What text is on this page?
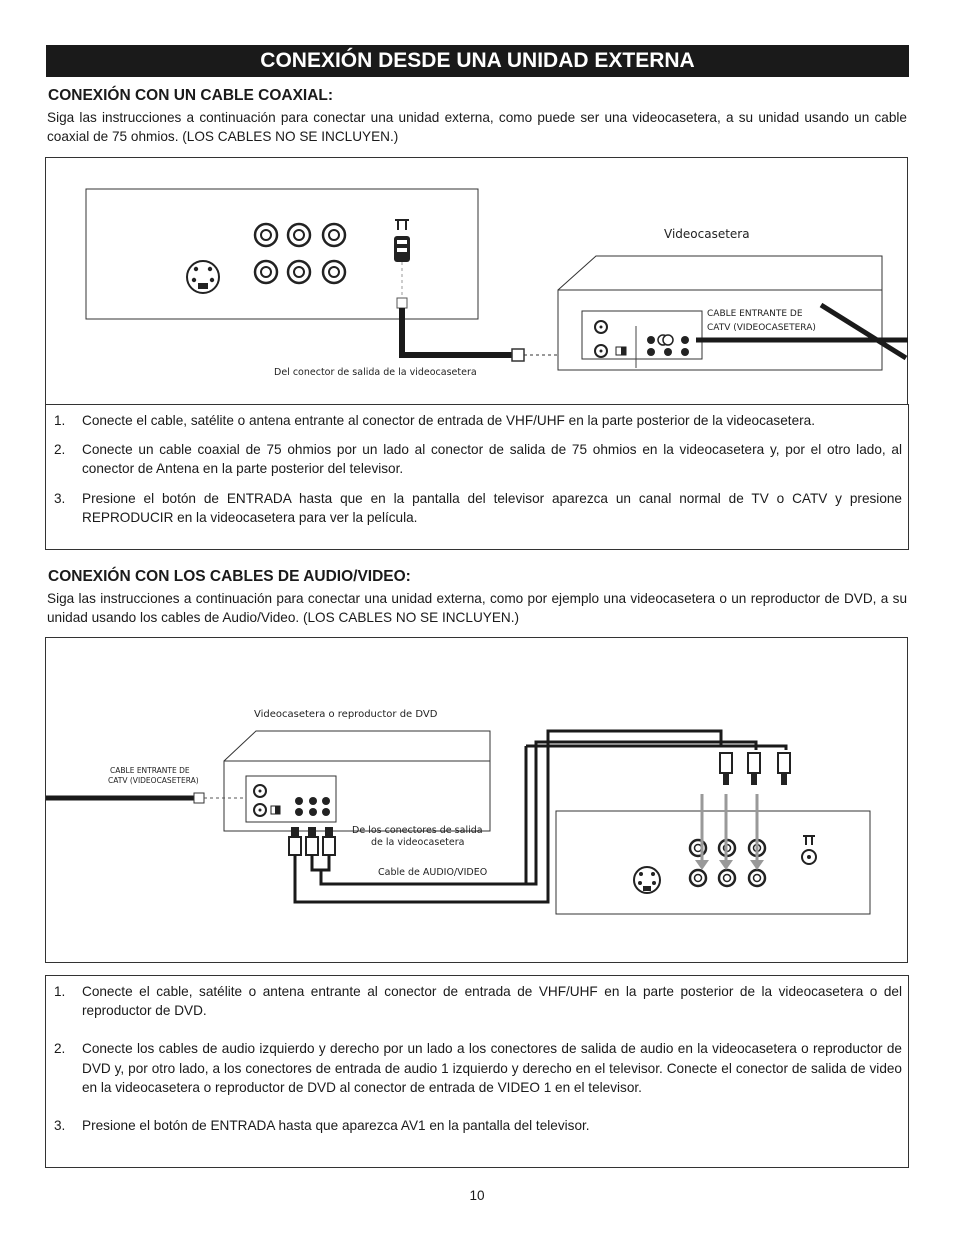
CONEXIÓN DESDE UNA UNIDAD EXTERNA
CONEXIÓN CON UN CABLE COAXIAL:
Siga las instrucciones a continuación para conectar una unidad externa, como puede ser una videocasetera, a su unidad usando un cable coaxial de 75 ohmios. (LOS CABLES NO SE INCLUYEN.)
Del conector de salida de la videocasetera
Videocasetera
CABLE ENTRANTE DE
CATV (VIDEOCASETERA)
1.	Conecte el cable, satélite o antena entrante al conector de entrada de VHF/UHF en la parte posterior de la videocasetera.
2.	Conecte un cable coaxial de 75 ohmios por un lado al conector de salida de 75 ohmios en la videocasetera y, por el otro lado, al conector de Antena en la parte posterior del televisor.
3.	Presione el botón de ENTRADA hasta que en la pantalla del televisor aparezca un canal normal de TV o CATV y presione REPRODUCIR en la videocasetera para ver la película.
CONEXIÓN CON LOS CABLES DE AUDIO/VIDEO:
Siga las instrucciones a continuación para conectar una unidad externa, como por ejemplo una videocasetera o un reproductor de DVD, a su unidad usando los cables de Audio/Video. (LOS CABLES NO SE INCLUYEN.)
CABLE ENTRANTE DE
CATV (VIDEOCASETERA)
Videocasetera o reproductor de DVD
De los conectores de salida
de la videocasetera
Cable de AUDIO/VIDEO
1.	Conecte el cable, satélite o antena entrante al conector de entrada de VHF/UHF en la parte posterior de la videocasetera o del reproductor de DVD.
2.	Conecte los cables de audio izquierdo y derecho por un lado a los conectores de salida de audio en la videocasetera o reproductor de DVD y, por otro lado, a los conectores de entrada de audio 1 izquierdo y derecho en el televisor. Conecte el conector de salida de video en la videocasetera o reproductor de DVD al conector de entrada de VIDEO 1 en el televisor.
3.	Presione el botón de ENTRADA hasta que aparezca AV1 en la pantalla del televisor.
10
